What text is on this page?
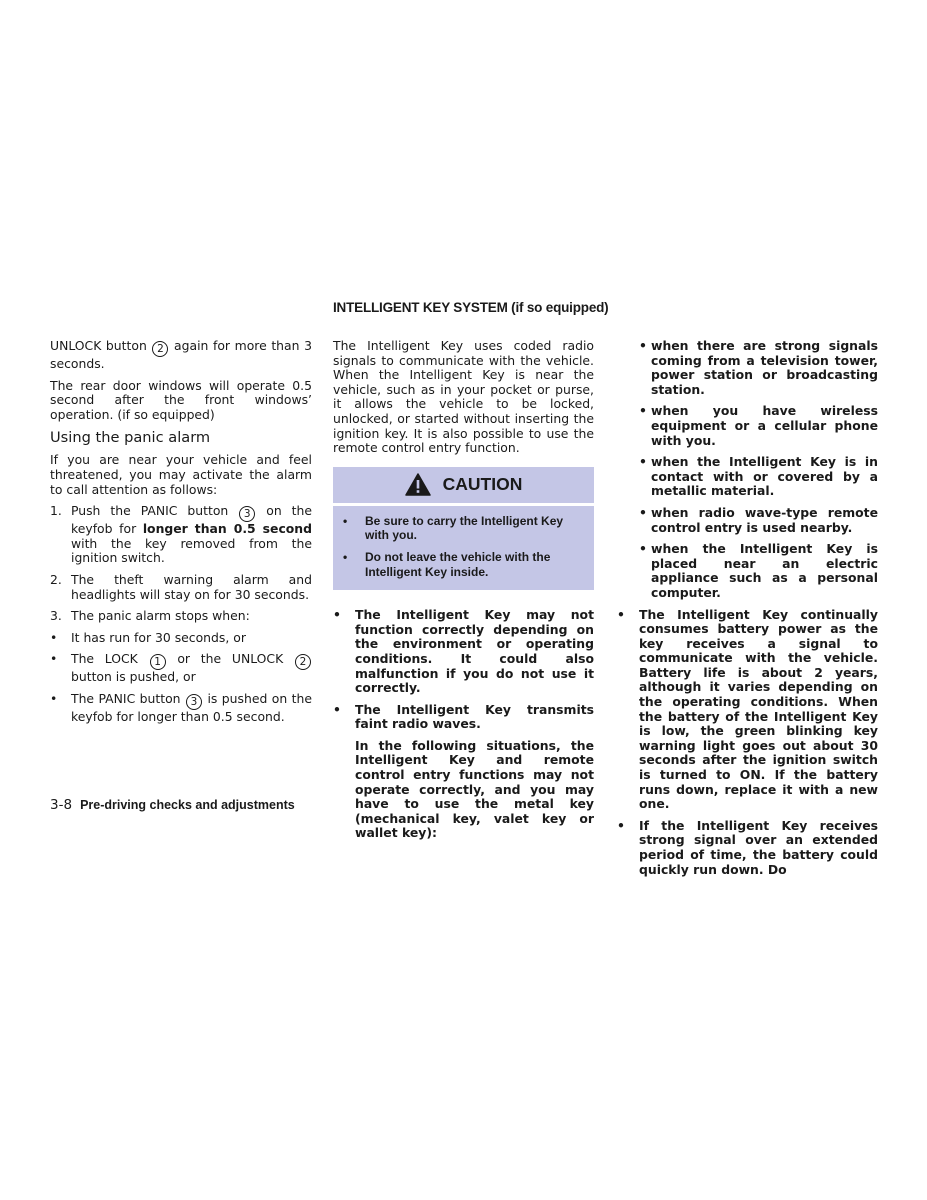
INTELLIGENT KEY SYSTEM (if so equipped)

UNLOCK button 2 again for more than 3 seconds.

The rear door windows will operate 0.5 second after the front windows’ operation. (if so equipped)

Using the panic alarm

If you are near your vehicle and feel threatened, you may activate the alarm to call attention as follows:

1. Push the PANIC button 3 on the keyfob for longer than 0.5 second with the key removed from the ignition switch.
2. The theft warning alarm and headlights will stay on for 30 seconds.
3. The panic alarm stops when:
•	It has run for 30 seconds, or
•	The LOCK 1 or the UNLOCK 2 button is pushed, or
•	The PANIC button 3 is pushed on the keyfob for longer than 0.5 second.

The Intelligent Key uses coded radio signals to communicate with the vehicle. When the Intelligent Key is near the vehicle, such as in your pocket or purse, it allows the vehicle to be locked, unlocked, or started without inserting the ignition key. It is also possible to use the remote control entry function.

CAUTION
•	Be sure to carry the Intelligent Key with you.
•	Do not leave the vehicle with the Intelligent Key inside.
•	The Intelligent Key may not function correctly depending on the environment or operating conditions. It could also malfunction if you do not use it correctly.
•	The Intelligent Key transmits faint radio waves.

In the following situations, the Intelligent Key and remote control entry functions may not operate correctly, and you may have to use the metal key (mechanical key, valet key or wallet key):

• when there are strong signals coming from a television tower, power station or broadcasting station.
• when you have wireless equipment or a cellular phone with you.
• when the Intelligent Key is in contact with or covered by a metallic material.
• when radio wave-type remote control entry is used nearby.
• when the Intelligent Key is placed near an electric appliance such as a personal computer.
•	The Intelligent Key continually consumes battery power as the key receives a signal to communicate with the vehicle. Battery life is about 2 years, although it varies depending on the operating conditions. When the battery of the Intelligent Key is low, the green blinking key warning light goes out about 30 seconds after the ignition switch is turned to ON. If the battery runs down, replace it with a new one.
•	If the Intelligent Key receives strong signal over an extended period of time, the battery could quickly run down. Do
3-8 Pre-driving checks and adjustments
